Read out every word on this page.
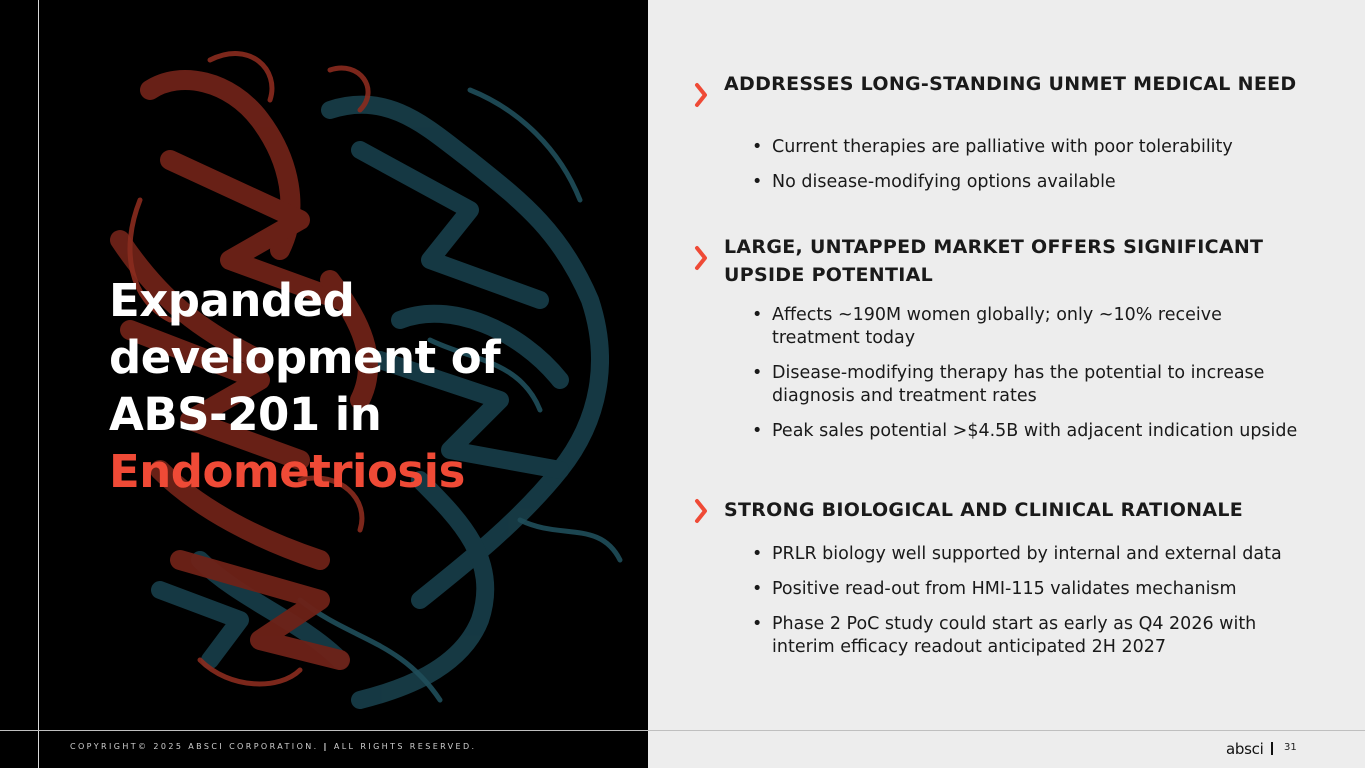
Expanded
development of
ABS-201 in
Endometriosis
ADDRESSES LONG-STANDING UNMET MEDICAL NEED
• Current therapies are palliative with poor tolerability
• No disease-modifying options available
LARGE, UNTAPPED MARKET OFFERS SIGNIFICANT UPSIDE POTENTIAL
• Affects ~190M women globally; only ~10% receive treatment today
• Disease-modifying therapy has the potential to increase diagnosis and treatment rates
• Peak sales potential >$4.5B with adjacent indication upside
STRONG BIOLOGICAL AND CLINICAL RATIONALE
• PRLR biology well supported by internal and external data
• Positive read-out from HMI-115 validates mechanism
• Phase 2 PoC study could start as early as Q4 2026 with interim efficacy readout anticipated 2H 2027
COPYRIGHT© 2025 ABSCI CORPORATION. | ALL RIGHTS RESERVED.	absci 31
